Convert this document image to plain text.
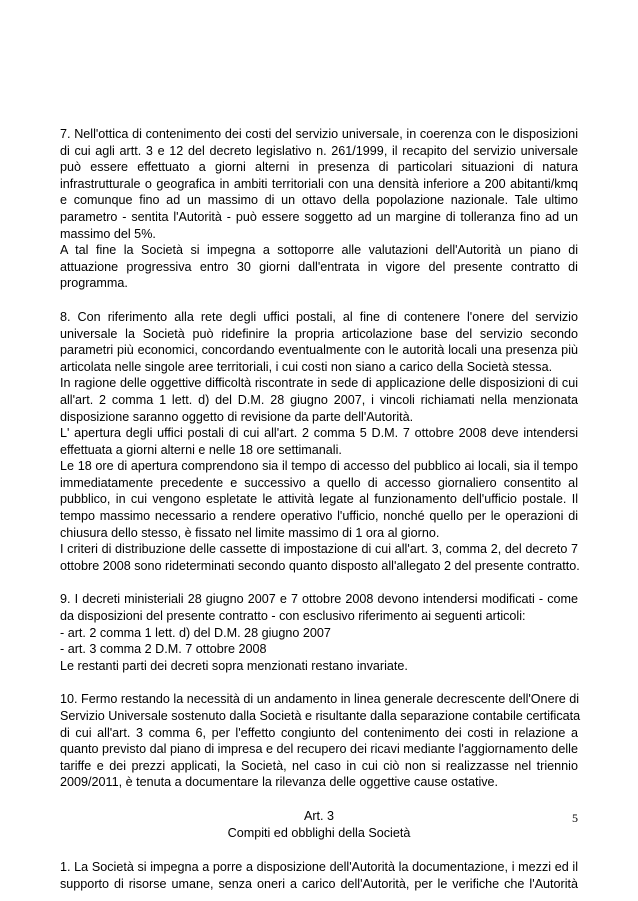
7. Nell'ottica di contenimento dei costi del servizio universale, in coerenza con le disposizioni
di cui agli artt. 3 e 12 del decreto legislativo n. 261/1999, il recapito del servizio universale
può essere effettuato a giorni alterni in presenza di particolari situazioni di natura
infrastrutturale o geografica in ambiti territoriali con una densità inferiore a 200 abitanti/kmq
e comunque fino ad un massimo di un ottavo della popolazione nazionale. Tale ultimo
parametro - sentita l'Autorità - può essere soggetto ad un margine di tolleranza fino ad un
massimo del 5%.
A tal fine la Società si impegna a sottoporre alle valutazioni dell'Autorità un piano di
attuazione progressiva entro 30 giorni dall'entrata in vigore del presente contratto di
programma.
8. Con riferimento alla rete degli uffici postali, al fine di contenere l'onere del servizio
universale la Società può ridefinire la propria articolazione base del servizio secondo
parametri più economici, concordando eventualmente con le autorità locali una presenza più
articolata nelle singole aree territoriali, i cui costi non siano a carico della Società stessa.
In ragione delle oggettive difficoltà riscontrate in sede di applicazione delle disposizioni di cui
all'art. 2 comma 1 lett. d) del D.M. 28 giugno 2007, i vincoli richiamati nella menzionata
disposizione saranno oggetto di revisione da parte dell'Autorità.
L' apertura degli uffici postali di cui all'art. 2 comma 5 D.M. 7 ottobre 2008 deve intendersi
effettuata a giorni alterni e nelle 18 ore settimanali.
Le 18 ore di apertura comprendono sia il tempo di accesso del pubblico ai locali, sia il tempo
immediatamente precedente e successivo a quello di accesso giornaliero consentito al
pubblico, in cui vengono espletate le attività legate al funzionamento dell'ufficio postale. Il
tempo massimo necessario a rendere operativo l'ufficio, nonché quello per le operazioni di
chiusura dello stesso, è fissato nel limite massimo di 1 ora al giorno.
I criteri di distribuzione delle cassette di impostazione di cui all'art. 3, comma 2, del decreto 7
ottobre 2008 sono rideterminati secondo quanto disposto all'allegato 2 del presente contratto.
9. I decreti ministeriali 28 giugno 2007 e 7 ottobre 2008 devono intendersi modificati - come
da disposizioni del presente contratto - con esclusivo riferimento ai seguenti articoli:
- art. 2 comma 1 lett. d) del D.M. 28 giugno 2007
- art. 3 comma 2 D.M. 7 ottobre 2008
Le restanti parti dei decreti sopra menzionati restano invariate.
10. Fermo restando la necessità di un andamento in linea generale decrescente dell'Onere di
Servizio Universale sostenuto dalla Società e risultante dalla separazione contabile certificata
di cui all'art. 3 comma 6, per l'effetto congiunto del contenimento dei costi in relazione a
quanto previsto dal piano di impresa e del recupero dei ricavi mediante l'aggiornamento delle
tariffe e dei prezzi applicati, la Società, nel caso in cui ciò non si realizzasse nel triennio
2009/2011, è tenuta a documentare la rilevanza delle oggettive cause ostative.
Art. 3
Compiti ed obblighi della Società
1. La Società si impegna a porre a disposizione dell'Autorità la documentazione, i mezzi ed il
supporto di risorse umane, senza oneri a carico dell'Autorità, per le verifiche che l'Autorità
5
